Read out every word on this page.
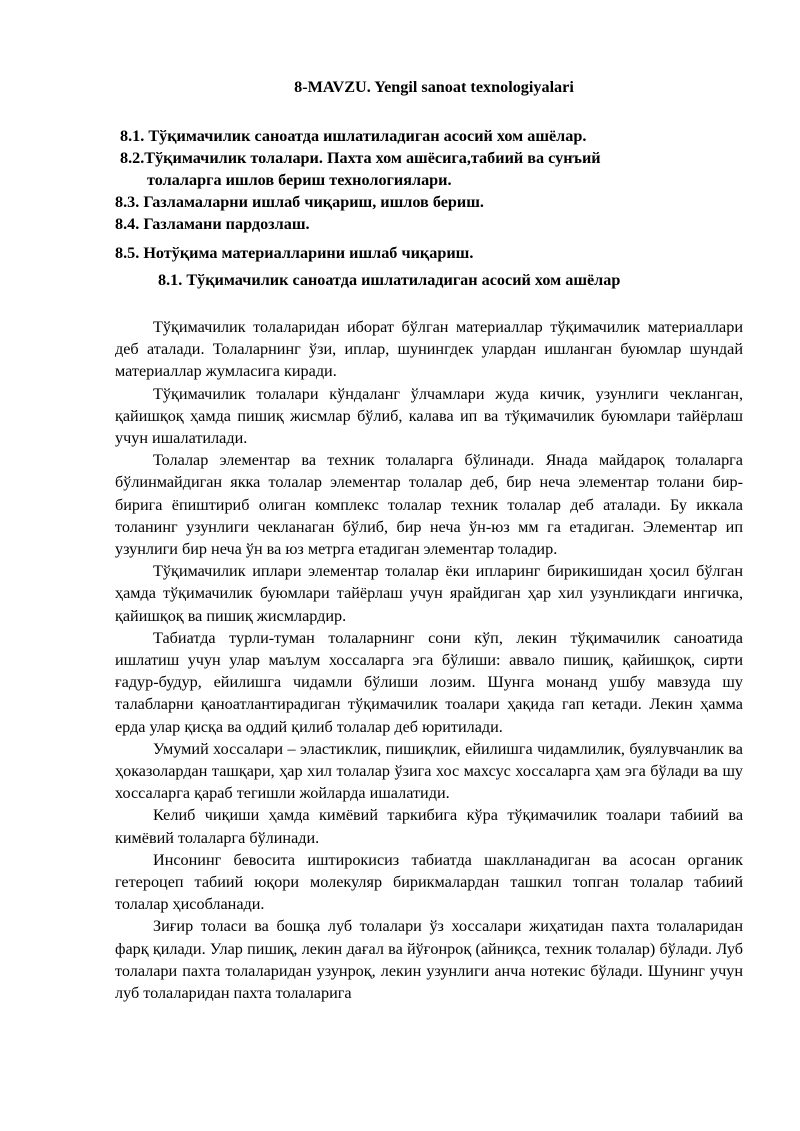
8-MAVZU. Yengil sanoat texnologiyalari
8.1. Тўқимачилик саноатда ишлатиладиган асосий хом ашёлар.
8.2.Тўқимачилик толалари. Пахта хом ашёсига,табиий ва сунъий
толаларга ишлов бериш технологиялари.
8.3. Газламаларни ишлаб чиқариш, ишлов бериш.
8.4. Газламани пардозлаш.
8.5. Нотўқима материалларини ишлаб чиқариш.
8.1. Тўқимачилик саноатда ишлатиладиган асосий хом ашёлар

Тўқимачилик толаларидан иборат бўлган материаллар тўқимачилик материаллари деб аталади. Толаларнинг ўзи, иплар, шунингдек улардан ишланган буюмлар шундай материаллар жумласига киради.

Тўқимачилик толалари кўндаланг ўлчамлари жуда кичик, узунлиги чекланган, қайишқоқ ҳамда пишиқ жисмлар бўлиб, калава ип ва тўқимачилик буюмлари тайёрлаш учун ишалатилади.

Толалар элементар ва техник толаларга бўлинади. Янада майдароқ толаларга бўлинмайдиган якка толалар элементар толалар деб, бир неча элементар толани бир-бирига ёпиштириб олиган комплекс толалар техник толалар деб аталади. Бу иккала толанинг узунлиги чекланаган бўлиб, бир неча ўн-юз мм га етадиган. Элементар ип узунлиги бир неча ўн ва юз метрга етадиган элементар толадир.

Тўқимачилик иплари элементар толалар ёки ипларинг бирикишидан ҳосил бўлган ҳамда тўқимачилик буюмлари тайёрлаш учун ярайдиган ҳар хил узунликдаги ингичка, қайишқоқ ва пишиқ жисмлардир.

Табиатда турли-туман толаларнинг сони кўп, лекин тўқимачилик саноатида ишлатиш учун улар маълум хоссаларга эга бўлиши: аввало пишиқ, қайишқоқ, сирти ғадур-будур, ейилишга чидамли бўлиши лозим. Шунга монанд ушбу мавзуда шу талабларни қаноатлантирадиган тўқимачилик тоалари ҳақида гап кетади. Лекин ҳамма ерда улар қисқа ва оддий қилиб толалар деб юритилади.

Умумий хоссалари – эластиклик, пишиқлик, ейилишга чидамлилик, буялувчанлик ва ҳоказолардан ташқари, ҳар хил толалар ўзига хос махсус хоссаларга ҳам эга бўлади ва шу хоссаларга қараб тегишли жойларда ишалатиди.

Келиб чиқиши ҳамда кимёвий таркибига кўра тўқимачилик тоалари табиий ва кимёвий толаларга бўлинади.

Инсонинг бевосита иштирокисиз табиатда шаклланадиган ва асосан органик гетероцеп табиий юқори молекуляр бирикмалардан ташкил топган толалар табиий толалар ҳисобланади.

Зиғир толаси ва бошқа луб толалари ўз хоссалари жиҳатидан пахта толаларидан фарқ қилади. Улар пишиқ, лекин дағал ва йўғонроқ (айниқса, техник толалар) бўлади. Луб толалари пахта толаларидан узунроқ, лекин узунлиги анча нотекис бўлади. Шунинг учун луб толаларидан пахта толаларига
